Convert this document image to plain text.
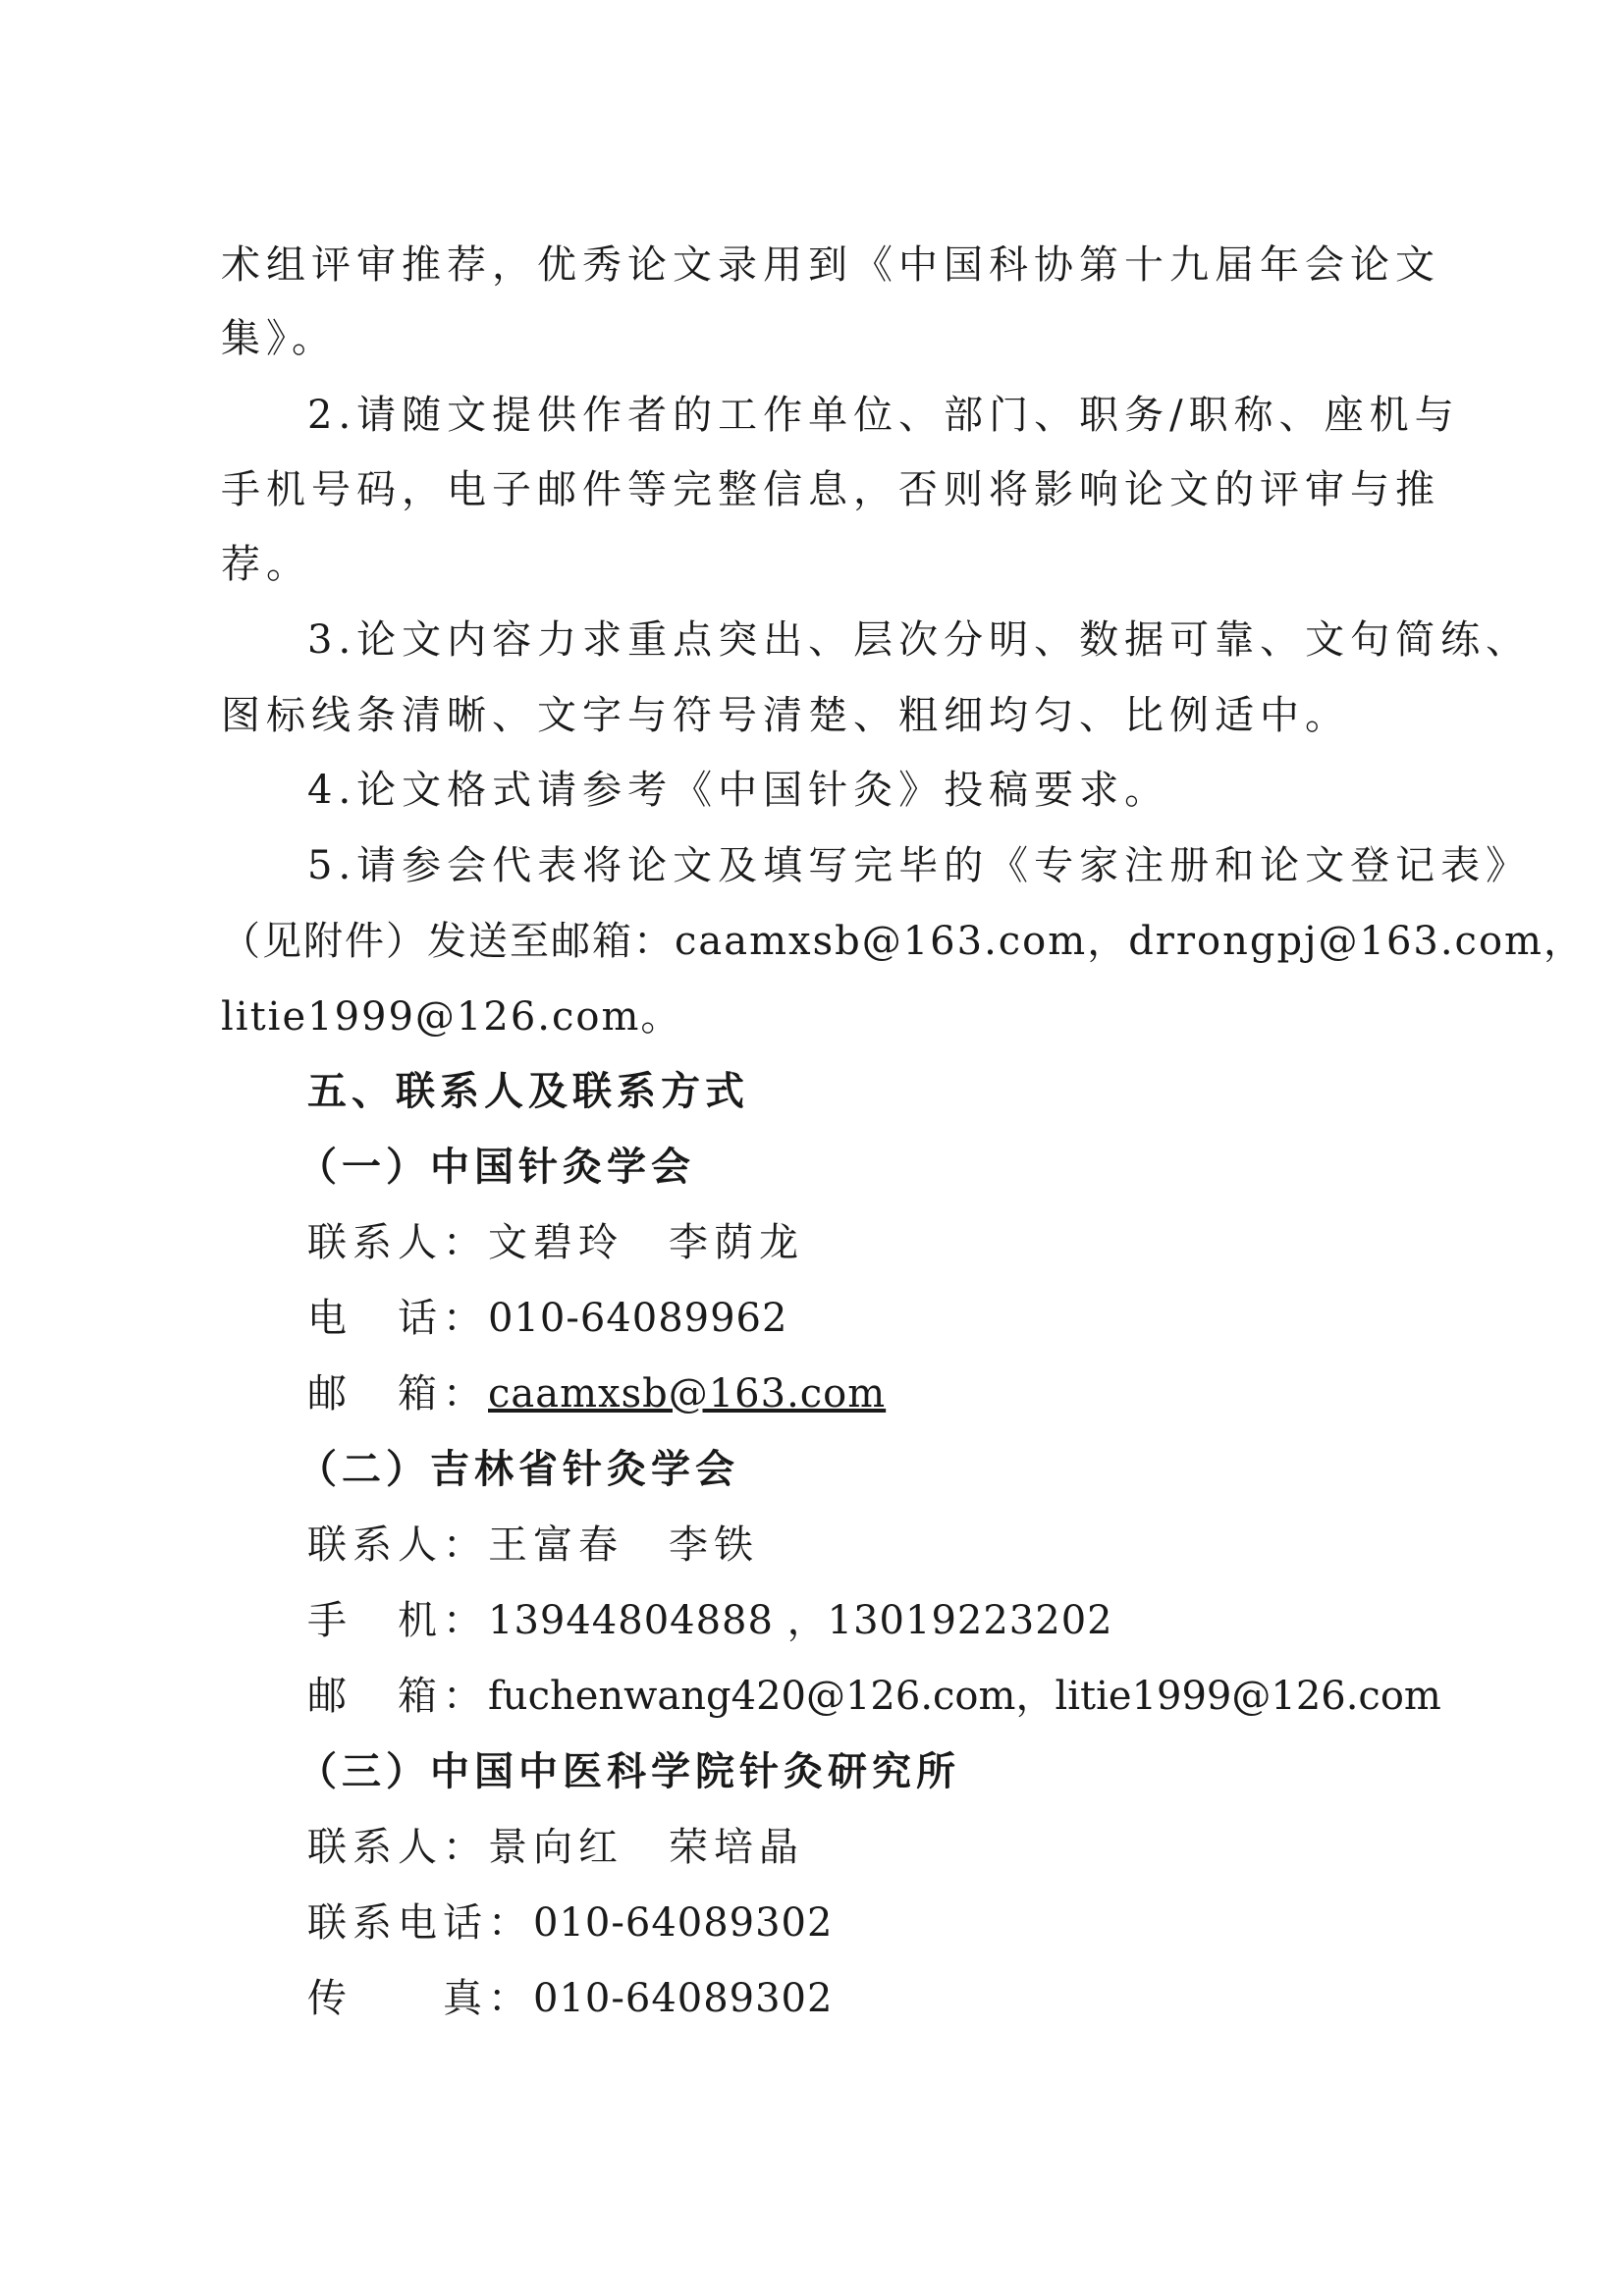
术组评审推荐，优秀论文录用到《中国科协第十九届年会论文
集》。
2.请随文提供作者的工作单位、部门、职务/职称、座机与
手机号码，电子邮件等完整信息，否则将影响论文的评审与推
荐。
3.论文内容力求重点突出、层次分明、数据可靠、文句简练、
图标线条清晰、文字与符号清楚、粗细均匀、比例适中。
4.论文格式请参考《中国针灸》投稿要求。
5.请参会代表将论文及填写完毕的《专家注册和论文登记表》
（见附件）发送至邮箱：caamxsb@163.com，drrongpj@163.com，
litie1999@126.com。
五、联系人及联系方式
（一）中国针灸学会
联系人：文碧玲　李荫龙
电　话：010-64089962
邮　箱：caamxsb@163.com
（二）吉林省针灸学会
联系人：王富春　李铁
手　机：13944804888 ，13019223202
邮　箱：fuchenwang420@126.com，litie1999@126.com
（三）中国中医科学院针灸研究所
联系人：景向红　荣培晶
联系电话：010-64089302
传　　真：010-64089302
